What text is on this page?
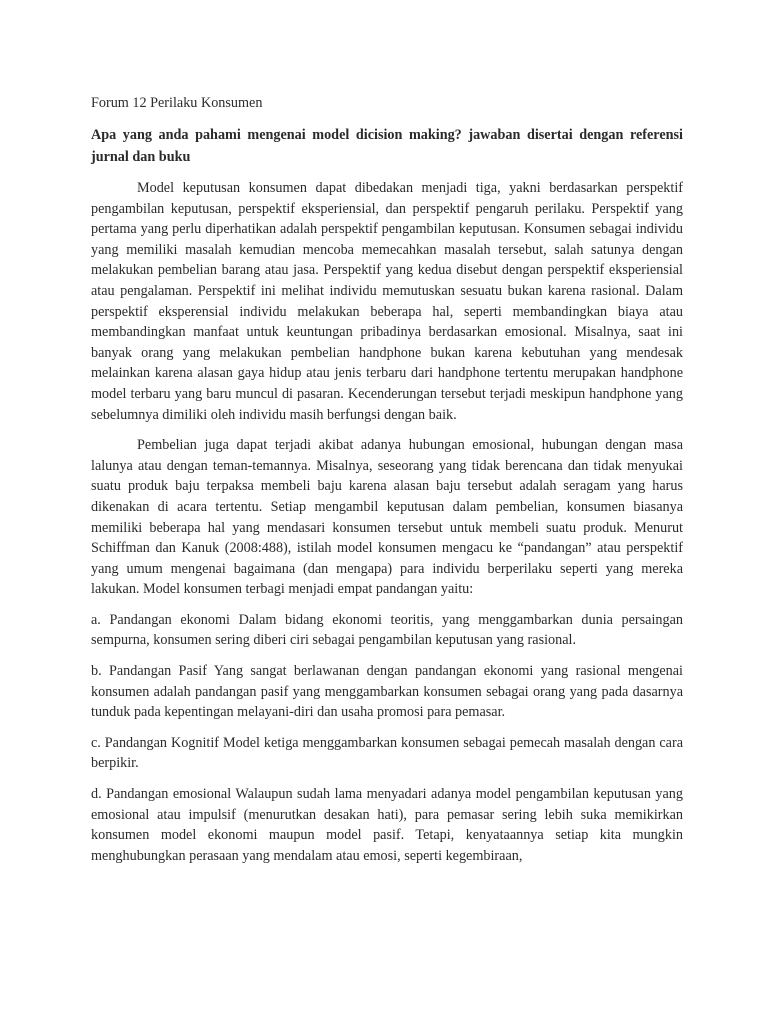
Forum 12 Perilaku Konsumen
Apa yang anda pahami mengenai model dicision making? jawaban disertai dengan referensi jurnal dan buku

Model keputusan konsumen dapat dibedakan menjadi tiga, yakni berdasarkan perspektif pengambilan keputusan, perspektif eksperiensial, dan perspektif pengaruh perilaku. Perspektif yang pertama yang perlu diperhatikan adalah perspektif pengambilan keputusan. Konsumen sebagai individu yang memiliki masalah kemudian mencoba memecahkan masalah tersebut, salah satunya dengan melakukan pembelian barang atau jasa. Perspektif yang kedua disebut dengan perspektif eksperiensial atau pengalaman. Perspektif ini melihat individu memutuskan sesuatu bukan karena rasional. Dalam perspektif eksperensial individu melakukan beberapa hal, seperti membandingkan biaya atau membandingkan manfaat untuk keuntungan pribadinya berdasarkan emosional. Misalnya, saat ini banyak orang yang melakukan pembelian handphone bukan karena kebutuhan yang mendesak melainkan karena alasan gaya hidup atau jenis terbaru dari handphone tertentu merupakan handphone model terbaru yang baru muncul di pasaran. Kecenderungan tersebut terjadi meskipun handphone yang sebelumnya dimiliki oleh individu masih berfungsi dengan baik.

Pembelian juga dapat terjadi akibat adanya hubungan emosional, hubungan dengan masa lalunya atau dengan teman-temannya. Misalnya, seseorang yang tidak berencana dan tidak menyukai suatu produk baju terpaksa membeli baju karena alasan baju tersebut adalah seragam yang harus dikenakan di acara tertentu. Setiap mengambil keputusan dalam pembelian, konsumen biasanya memiliki beberapa hal yang mendasari konsumen tersebut untuk membeli suatu produk. Menurut Schiffman dan Kanuk (2008:488), istilah model konsumen mengacu ke “pandangan” atau perspektif yang umum mengenai bagaimana (dan mengapa) para individu berperilaku seperti yang mereka lakukan. Model konsumen terbagi menjadi empat pandangan yaitu:

a. Pandangan ekonomi Dalam bidang ekonomi teoritis, yang menggambarkan dunia persaingan sempurna, konsumen sering diberi ciri sebagai pengambilan keputusan yang rasional.

b. Pandangan Pasif Yang sangat berlawanan dengan pandangan ekonomi yang rasional mengenai konsumen adalah pandangan pasif yang menggambarkan konsumen sebagai orang yang pada dasarnya tunduk pada kepentingan melayani-diri dan usaha promosi para pemasar.

c. Pandangan Kognitif Model ketiga menggambarkan konsumen sebagai pemecah masalah dengan cara berpikir.

d. Pandangan emosional Walaupun sudah lama menyadari adanya model pengambilan keputusan yang emosional atau impulsif (menurutkan desakan hati), para pemasar sering lebih suka memikirkan konsumen model ekonomi maupun model pasif. Tetapi, kenyataannya setiap kita mungkin menghubungkan perasaan yang mendalam atau emosi, seperti kegembiraan,
